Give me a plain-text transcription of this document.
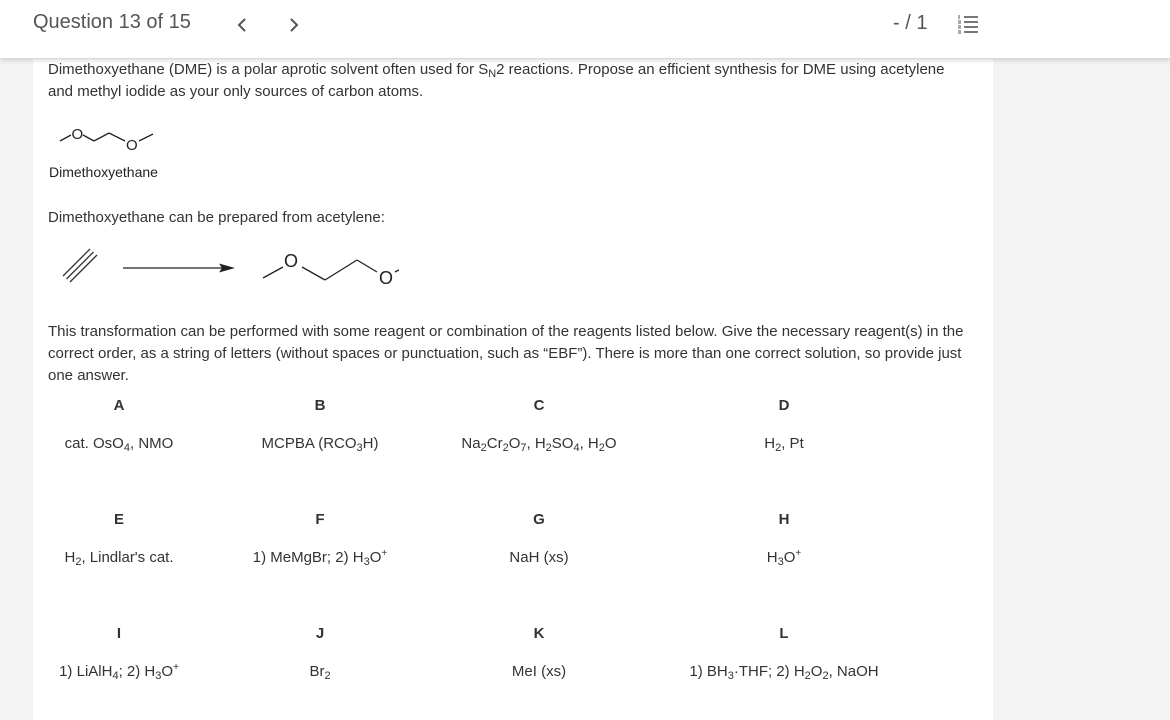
Question 13 of 15	- / 1
Dimethoxyethane (DME) is a polar aprotic solvent often used for $S_N2$ reactions. Propose an efficient synthesis for DME using acetylene and methyl iodide as your only sources of carbon atoms.
O
O
Dimethoxyethane
Dimethoxyethane can be prepared from acetylene:
O
O
This transformation can be performed with some reagent or combination of the reagents listed below. Give the necessary reagent(s) in the correct order, as a string of letters (without spaces or punctuation, such as “EBF”). There is more than one correct solution, so provide just one answer.
A	B	C	D
cat. OsO$_4$, NMO	MCPBA $(RCO_3H)$	$Na_2Cr_2O_7$, $H_2SO_4$, $H_2O$	$H_2$, Pt
E	F	G	H
$H_2$, Lindlar's cat.	1) MeMgBr; 2) $H_3O^+$	NaH (xs)	$H_3O^+$
I	J	K	L
1) LiAlH$_4$; 2) $H_3O^+$	$Br_2$	MeI (xs)	1) $BH_3\cdot THF$; 2) $H_2O_2$, NaOH
